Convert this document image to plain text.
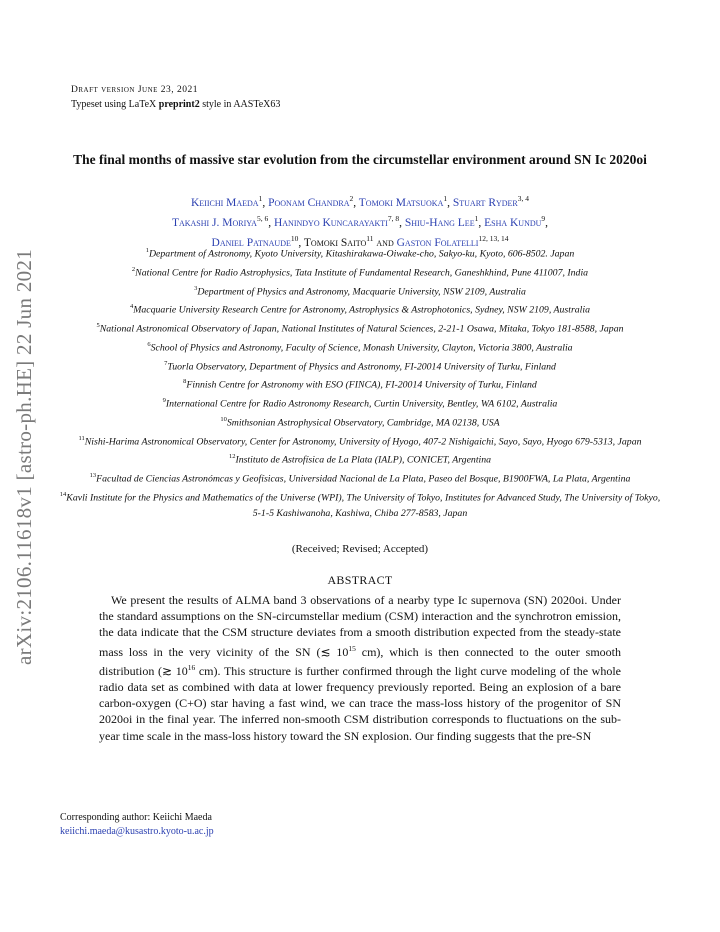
arXiv:2106.11618v1 [astro-ph.HE] 22 Jun 2021
Draft version June 23, 2021
Typeset using LaTeX preprint2 style in AASTeX63
The final months of massive star evolution from the circumstellar environment around SN Ic 2020oi
Keiichi Maeda$^1$, Poonam Chandra$^2$, Tomoki Matsuoka$^1$, Stuart Ryder$^{3, 4}$
Takashi J. Moriya$^{5, 6}$, Hanindyo Kuncarayakti$^{7, 8}$, Shiu-Hang Lee$^1$, Esha Kundu$^9$,
Daniel Patnaude$^{10}$, Tomoki Saito$^{11}$ and Gaston Folatelli$^{12, 13, 14}$
$^1$Department of Astronomy, Kyoto University, Kitashirakawa-Oiwake-cho, Sakyo-ku, Kyoto, 606-8502. Japan
$^2$National Centre for Radio Astrophysics, Tata Institute of Fundamental Research, Ganeshkhind, Pune 411007, India
$^3$Department of Physics and Astronomy, Macquarie University, NSW 2109, Australia
$^4$Macquarie University Research Centre for Astronomy, Astrophysics & Astrophotonics, Sydney, NSW 2109, Australia
$^5$National Astronomical Observatory of Japan, National Institutes of Natural Sciences, 2-21-1 Osawa, Mitaka, Tokyo 181-8588, Japan
$^6$School of Physics and Astronomy, Faculty of Science, Monash University, Clayton, Victoria 3800, Australia
$^7$Tuorla Observatory, Department of Physics and Astronomy, FI-20014 University of Turku, Finland
$^8$Finnish Centre for Astronomy with ESO (FINCA), FI-20014 University of Turku, Finland
$^9$International Centre for Radio Astronomy Research, Curtin University, Bentley, WA 6102, Australia
$^{10}$Smithsonian Astrophysical Observatory, Cambridge, MA 02138, USA
$^{11}$Nishi-Harima Astronomical Observatory, Center for Astronomy, University of Hyogo, 407-2 Nishigaichi, Sayo, Sayo, Hyogo 679-5313, Japan
$^{12}$Instituto de Astrofísica de La Plata (IALP), CONICET, Argentina
$^{13}$Facultad de Ciencias Astronómcas y Geofísicas, Universidad Nacional de La Plata, Paseo del Bosque, B1900FWA, La Plata, Argentina
$^{14}$Kavli Institute for the Physics and Mathematics of the Universe (WPI), The University of Tokyo, Institutes for Advanced Study, The University of Tokyo, 5-1-5 Kashiwanoha, Kashiwa, Chiba 277-8583, Japan
(Received; Revised; Accepted)
ABSTRACT
We present the results of ALMA band 3 observations of a nearby type Ic supernova (SN) 2020oi. Under the standard assumptions on the SN-circumstellar medium (CSM) interaction and the synchrotron emission, the data indicate that the CSM structure deviates from a smooth distribution expected from the steady-state mass loss in the very vicinity of the SN (≲ $10^{15}$ cm), which is then connected to the outer smooth distribution (≳ $10^{16}$ cm). This structure is further confirmed through the light curve modeling of the whole radio data set as combined with data at lower frequency previously reported. Being an explosion of a bare carbon-oxygen (C+O) star having a fast wind, we can trace the mass-loss history of the progenitor of SN 2020oi in the final year. The inferred non-smooth CSM distribution corresponds to fluctuations on the sub-year time scale in the mass-loss history toward the SN explosion. Our finding suggests that the pre-SN
Corresponding author: Keiichi Maeda
keiichi.maeda@kusastro.kyoto-u.ac.jp
